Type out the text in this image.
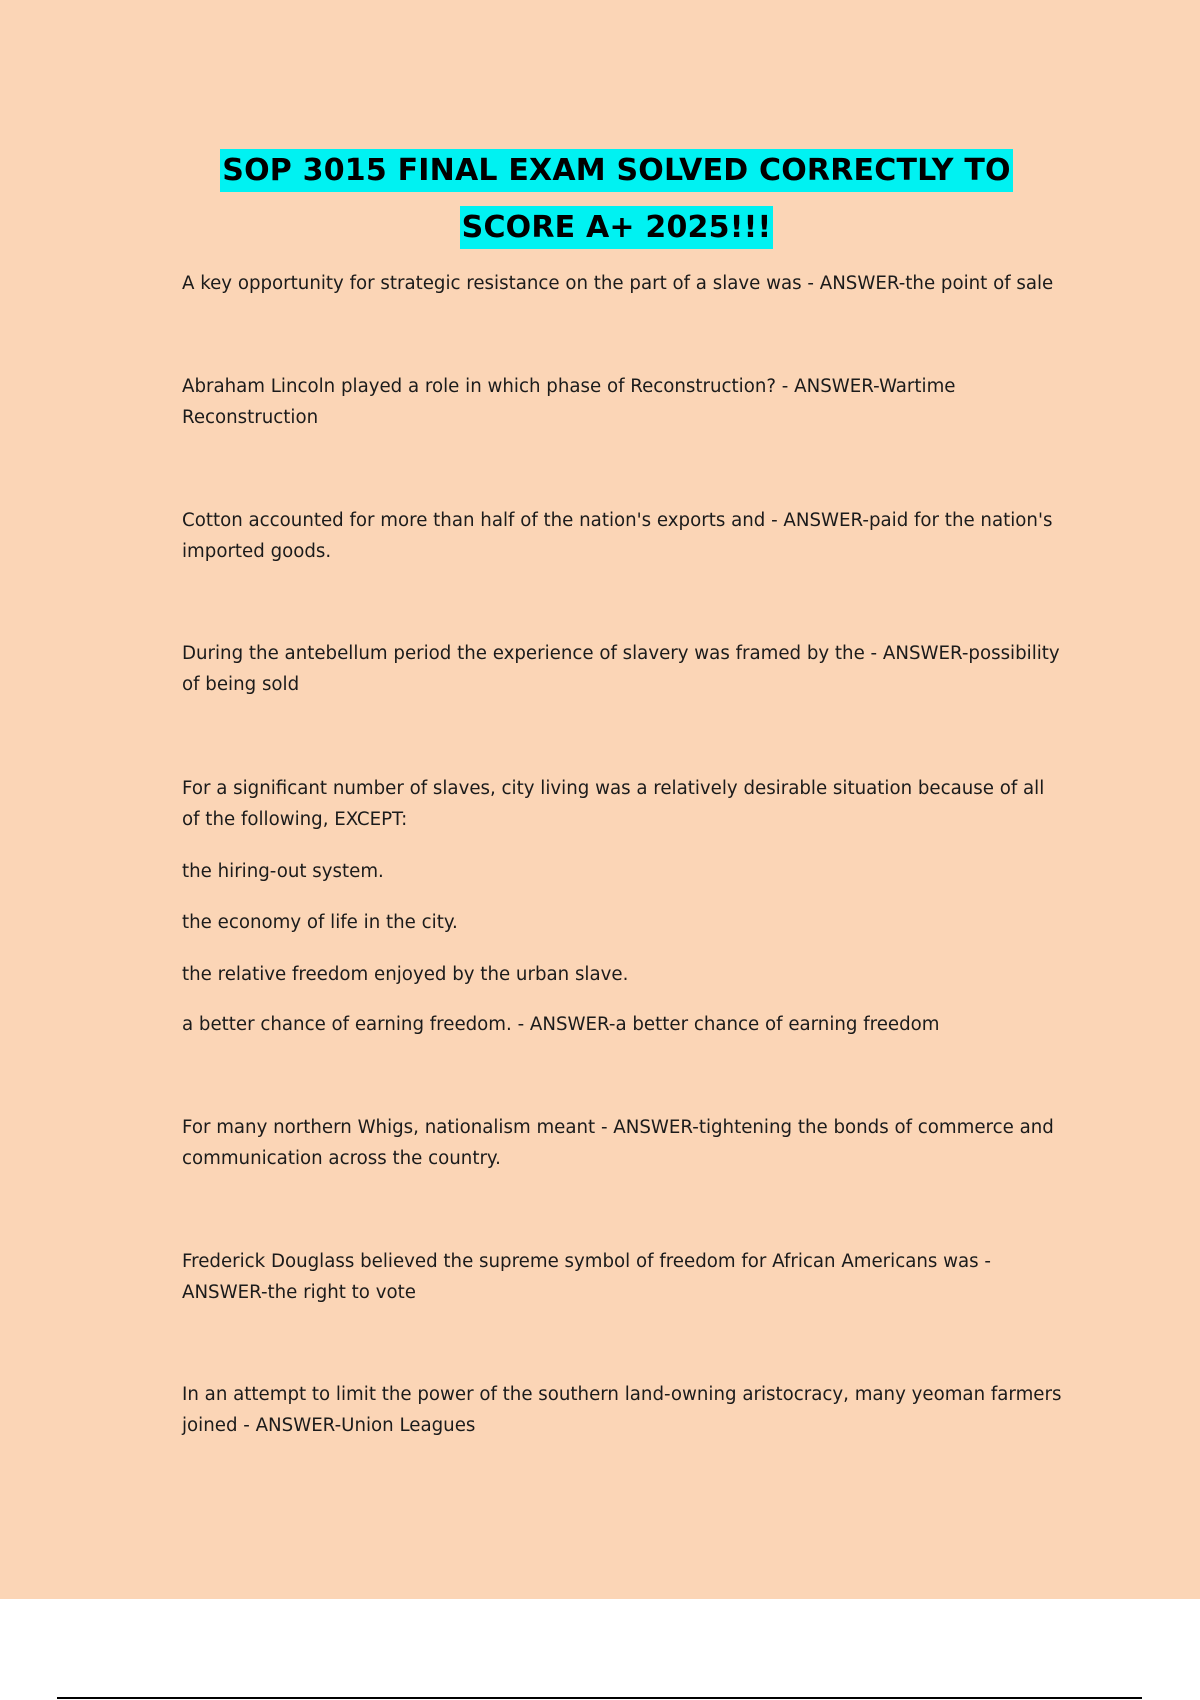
SOP 3015 FINAL EXAM SOLVED CORRECTLY TO
SCORE A+ 2025!!!

A key opportunity for strategic resistance on the part of a slave was - ANSWER-the point of sale

Abraham Lincoln played a role in which phase of Reconstruction? - ANSWER-Wartime Reconstruction

Cotton accounted for more than half of the nation's exports and - ANSWER-paid for the nation's imported goods.

During the antebellum period the experience of slavery was framed by the - ANSWER-possibility of being sold

For a significant number of slaves, city living was a relatively desirable situation because of all of the following, EXCEPT:

the hiring-out system.

the economy of life in the city.

the relative freedom enjoyed by the urban slave.

a better chance of earning freedom. - ANSWER-a better chance of earning freedom

For many northern Whigs, nationalism meant - ANSWER-tightening the bonds of commerce and communication across the country.

Frederick Douglass believed the supreme symbol of freedom for African Americans was - ANSWER-the right to vote

In an attempt to limit the power of the southern land-owning aristocracy, many yeoman farmers joined - ANSWER-Union Leagues
